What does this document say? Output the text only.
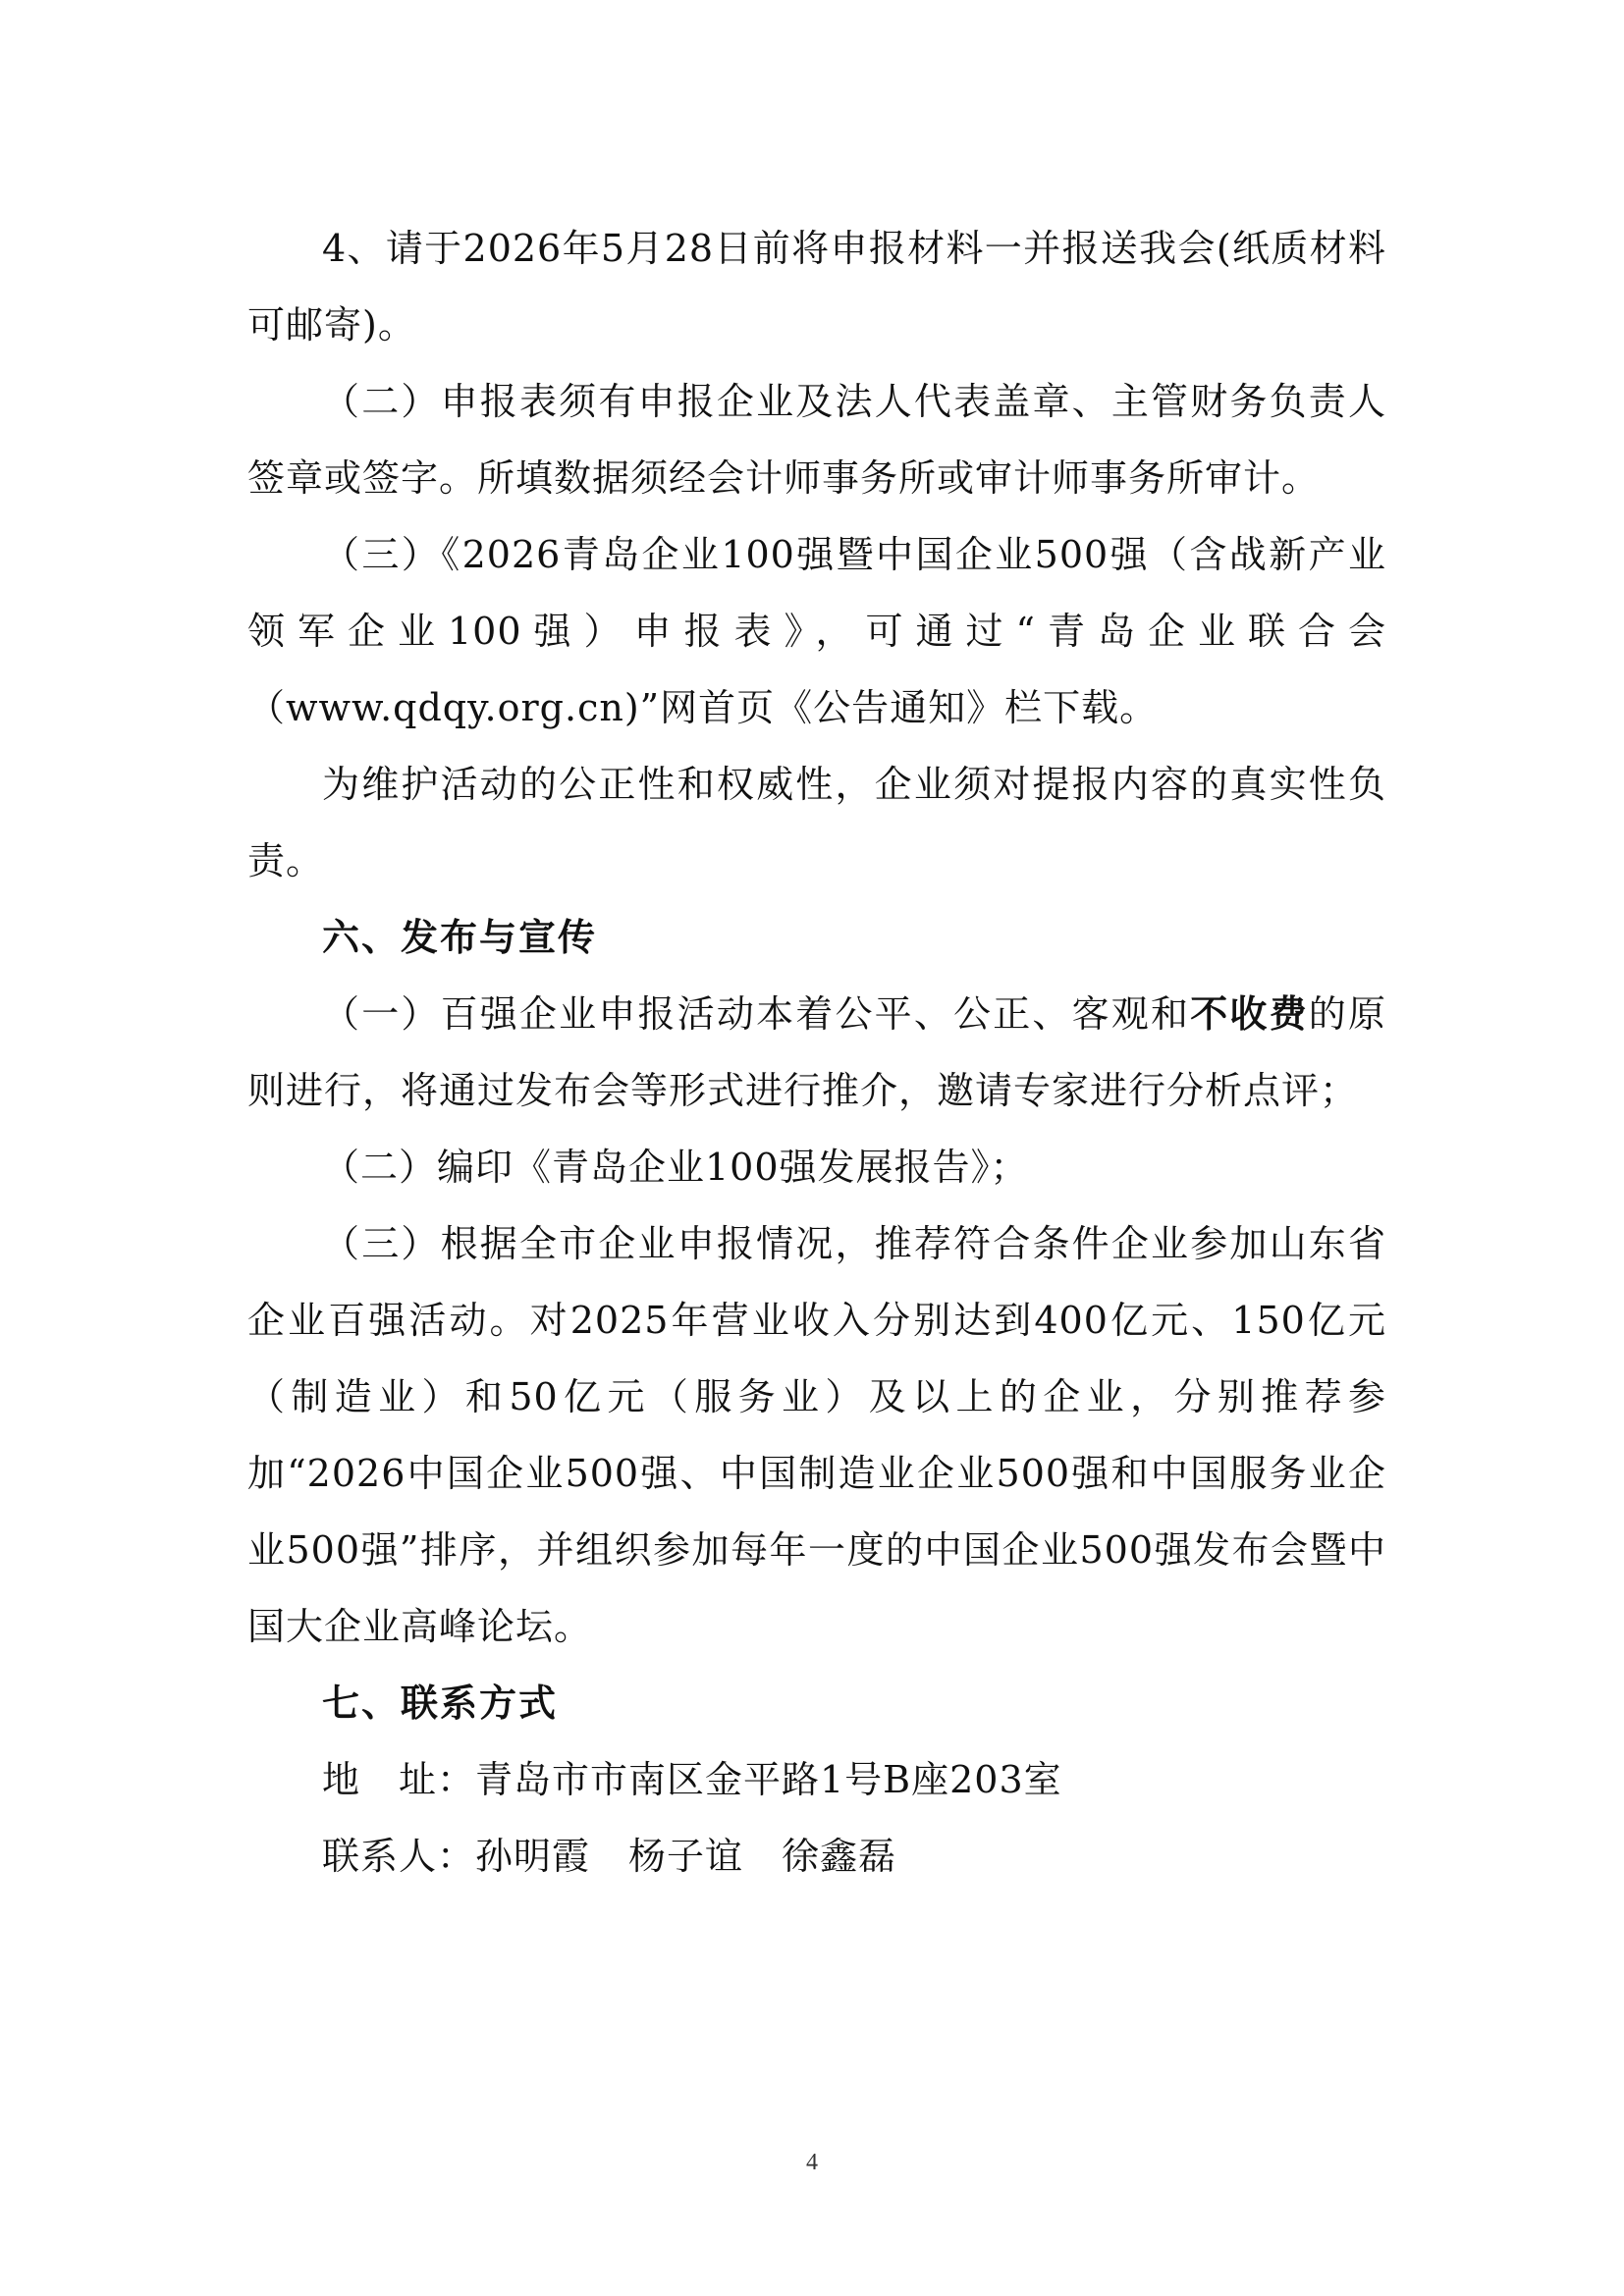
4、请于2026年5月28日前将申报材料一并报送我会(纸质材料可邮寄)。

（二）申报表须有申报企业及法人代表盖章、主管财务负责人签章或签字。所填数据须经会计师事务所或审计师事务所审计。

（三）《2026青岛企业100强暨中国企业500强（含战新产业领军企业100强）申报表》，可通过“青岛企业联合会（www.qdqy.org.cn)”网首页《公告通知》栏下载。

为维护活动的公正性和权威性，企业须对提报内容的真实性负责。

六、发布与宣传

（一）百强企业申报活动本着公平、公正、客观和不收费的原则进行，将通过发布会等形式进行推介，邀请专家进行分析点评；

（二）编印《青岛企业100强发展报告》；

（三）根据全市企业申报情况，推荐符合条件企业参加山东省企业百强活动。对2025年营业收入分别达到400亿元、150亿元（制造业）和50亿元（服务业）及以上的企业，分别推荐参加“2026中国企业500强、中国制造业企业500强和中国服务业企业500强”排序，并组织参加每年一度的中国企业500强发布会暨中国大企业高峰论坛。

七、联系方式

地　址：青岛市市南区金平路1号B座203室

联系人：孙明霞　杨子谊　徐鑫磊

4
